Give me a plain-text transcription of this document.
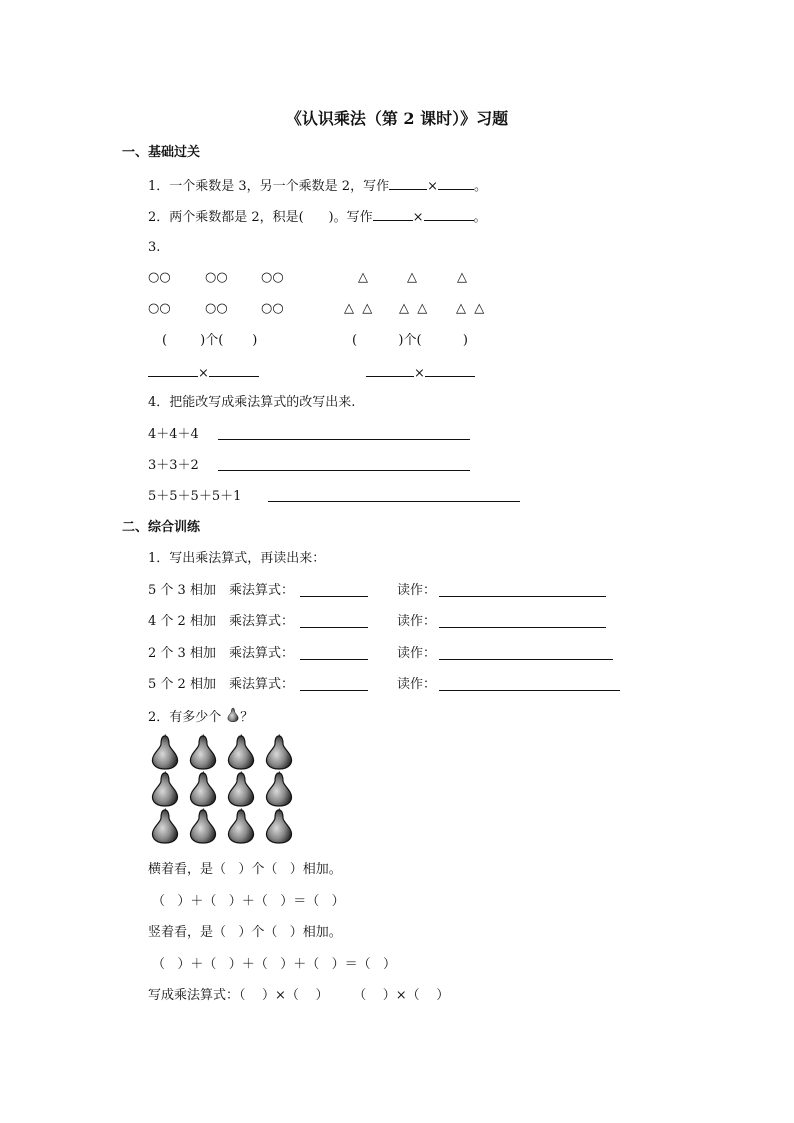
《认识乘法（第 2 课时）》习题
一、基础过关
1．一个乘数是 3，另一个乘数是 2，写作	×	。
2．两个乘数都是 2，积是(      )。写作	×	。
3.
○○	○○	○○
○○	○○	○○
△	△	△
△  △ △  △ △  △
(        )个(       )	(          )个(          )
×	×
4．把能改写成乘法算式的改写出来.
4＋4＋4
3＋3＋2
5＋5＋5＋5＋1
二、综合训练
1．写出乘法算式，再读出来：
5 个 3 相加 乘法算式：	读作：
4 个 2 相加 乘法算式：	读作：
2 个 3 相加 乘法算式：	读作：
5 个 2 相加 乘法算式：	读作：
2．有多少个 ？
横着看，是（   ）个（   ）相加。
（   ）＋（   ）＋（   ）＝（   ）
竖着看，是（   ）个（   ）相加。
（   ）＋（   ）＋（   ）＋（   ）＝（   ）
写成乘法算式：（    ）×（    ）      （    ）×（    ）
